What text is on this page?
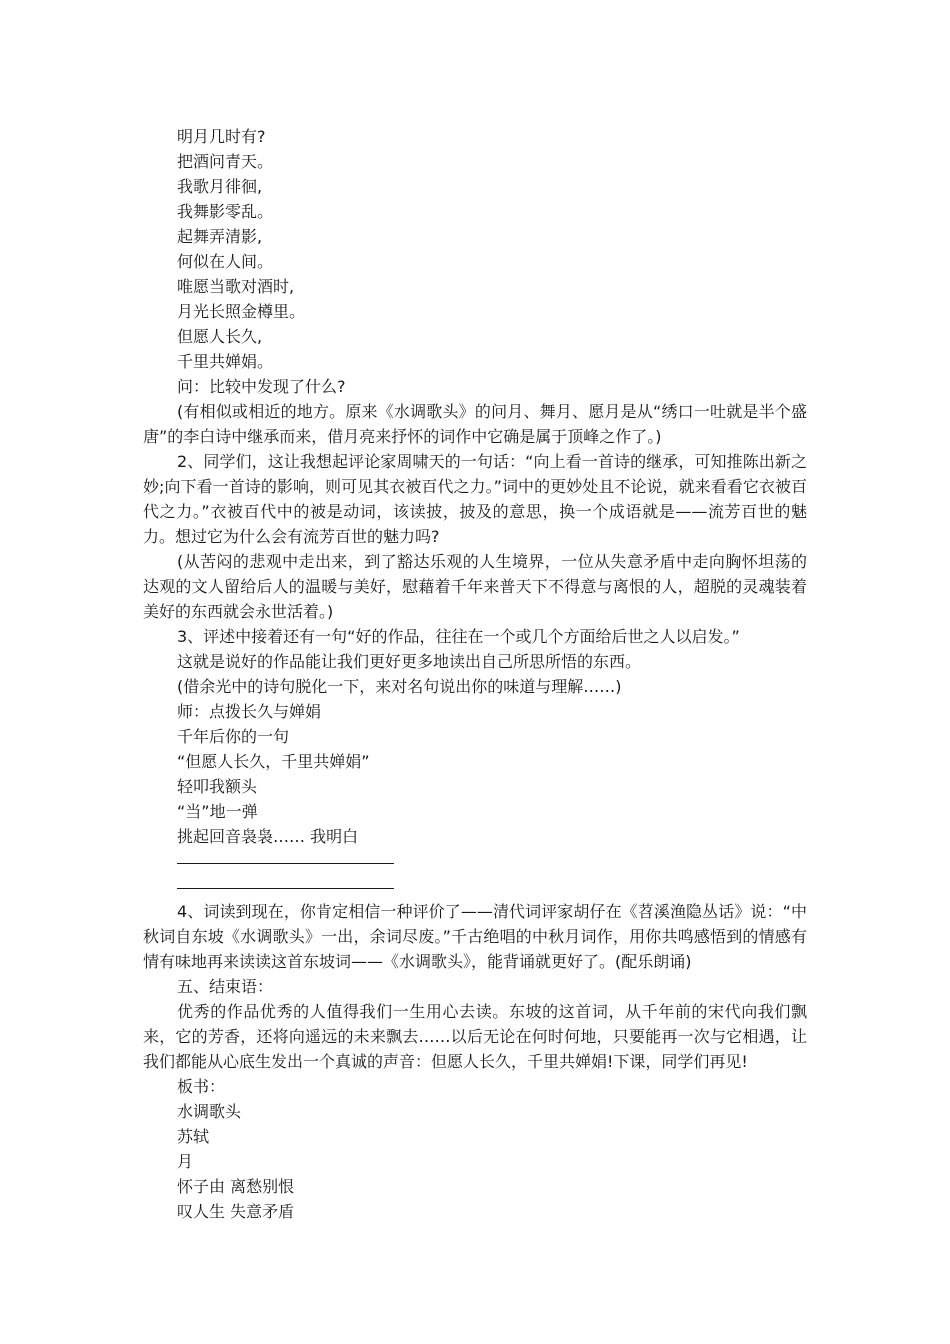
明月几时有?
把酒问青天。
我歌月徘徊,
我舞影零乱。
起舞弄清影,
何似在人间。
唯愿当歌对酒时,
月光长照金樽里。
但愿人长久,
千里共婵娟。
问：比较中发现了什么?
(有相似或相近的地方。原来《水调歌头》的问月、舞月、愿月是从“绣口一吐就是半个盛唐”的李白诗中继承而来，借月亮来抒怀的词作中它确是属于顶峰之作了。)
2、同学们，这让我想起评论家周啸天的一句话：“向上看一首诗的继承，可知推陈出新之妙;向下看一首诗的影响，则可见其衣被百代之力。”词中的更妙处且不论说，就来看看它衣被百代之力。”衣被百代中的被是动词，该读披，披及的意思，换一个成语就是——流芳百世的魅力。想过它为什么会有流芳百世的魅力吗?
(从苦闷的悲观中走出来，到了豁达乐观的人生境界，一位从失意矛盾中走向胸怀坦荡的达观的文人留给后人的温暖与美好，慰藉着千年来普天下不得意与离恨的人，超脱的灵魂装着美好的东西就会永世活着。)
3、评述中接着还有一句“好的作品，往往在一个或几个方面给后世之人以启发。”
这就是说好的作品能让我们更好更多地读出自己所思所悟的东西。
(借余光中的诗句脱化一下，来对名句说出你的味道与理解……)
师：点拨长久与婵娟
千年后你的一句
“但愿人长久，千里共婵娟”
轻叩我额头
“当”地一弹
挑起回音袅袅…… 我明白
4、词读到现在，你肯定相信一种评价了——清代词评家胡仔在《苕溪渔隐丛话》说：“中秋词自东坡《水调歌头》一出，余词尽废。”千古绝唱的中秋月词作，用你共鸣感悟到的情感有情有味地再来读读这首东坡词——《水调歌头》，能背诵就更好了。(配乐朗诵)
五、结束语：
优秀的作品优秀的人值得我们一生用心去读。东坡的这首词，从千年前的宋代向我们飘来，它的芳香，还将向遥远的未来飘去……以后无论在何时何地，只要能再一次与它相遇，让我们都能从心底生发出一个真诚的声音：但愿人长久，千里共婵娟!下课，同学们再见!
板书：
水调歌头
苏轼
月
怀子由 离愁别恨
叹人生 失意矛盾
